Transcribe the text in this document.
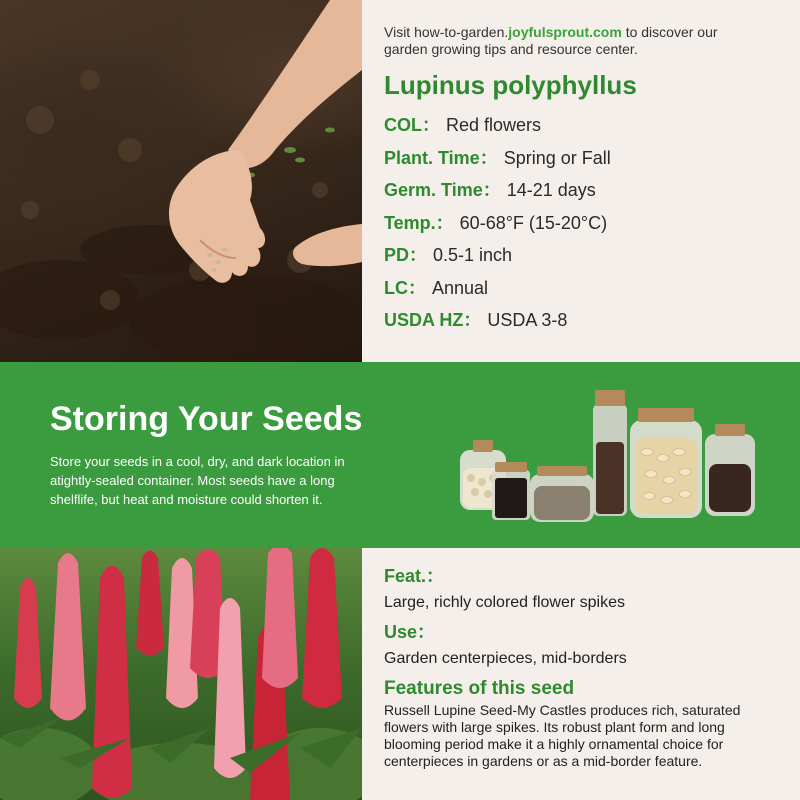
Visit how-to-garden.joyfulsprout.com to discover our garden growing tips and resource center.

Lupinus polyphyllus
COL： Red flowers
Plant. Time： Spring or Fall
Germ. Time： 14-21 days
Temp.： 60-68°F (15-20°C)
PD： 0.5-1 inch
LC： Annual
USDA HZ： USDA 3-8
Storing Your Seeds

Store your seeds in a cool, dry, and dark location in atightly-sealed container. Most seeds have a long shelflife, but heat and moisture could shorten it.

Feat.：
Large, richly colored flower spikes
Use：
Garden centerpieces, mid-borders
Features of this seed

Russell Lupine Seed-My Castles produces rich, saturated flowers with large spikes. Its robust plant form and long blooming period make it a highly ornamental choice for centerpieces in gardens or as a mid-border feature.
